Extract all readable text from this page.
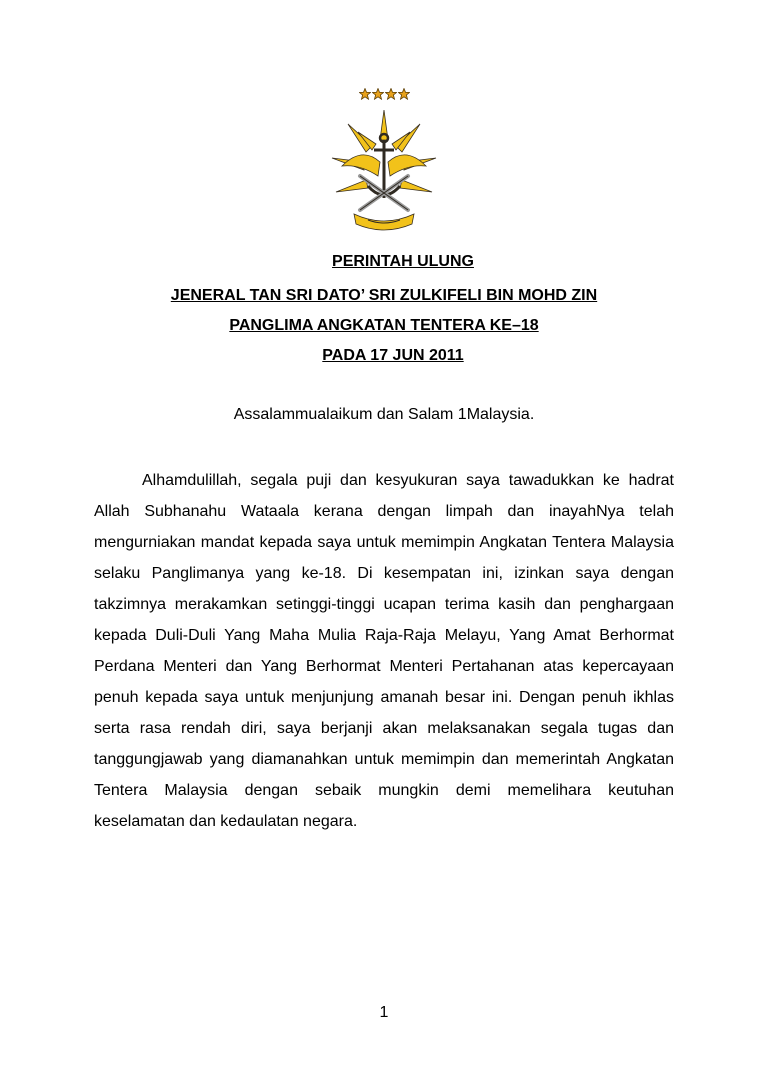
PERINTAH ULUNG
JENERAL TAN SRI DATO’ SRI ZULKIFELI BIN MOHD ZIN
PANGLIMA ANGKATAN TENTERA KE–18
PADA 17 JUN 2011
Assalammualaikum dan Salam 1Malaysia.

Alhamdulillah, segala puji dan kesyukuran saya tawadukkan ke hadrat Allah Subhanahu Wataala kerana dengan limpah dan inayahNya telah mengurniakan mandat kepada saya untuk memimpin Angkatan Tentera Malaysia selaku Panglimanya yang ke-18. Di kesempatan ini, izinkan saya dengan takzimnya merakamkan setinggi-tinggi ucapan terima kasih dan penghargaan kepada Duli-Duli Yang Maha Mulia Raja-Raja Melayu, Yang Amat Berhormat Perdana Menteri dan Yang Berhormat Menteri Pertahanan atas kepercayaan penuh kepada saya untuk menjunjung amanah besar ini. Dengan penuh ikhlas serta rasa rendah diri, saya berjanji akan melaksanakan segala tugas dan tanggungjawab yang diamanahkan untuk memimpin dan memerintah Angkatan Tentera Malaysia dengan sebaik mungkin demi memelihara keutuhan keselamatan dan kedaulatan negara.

1
